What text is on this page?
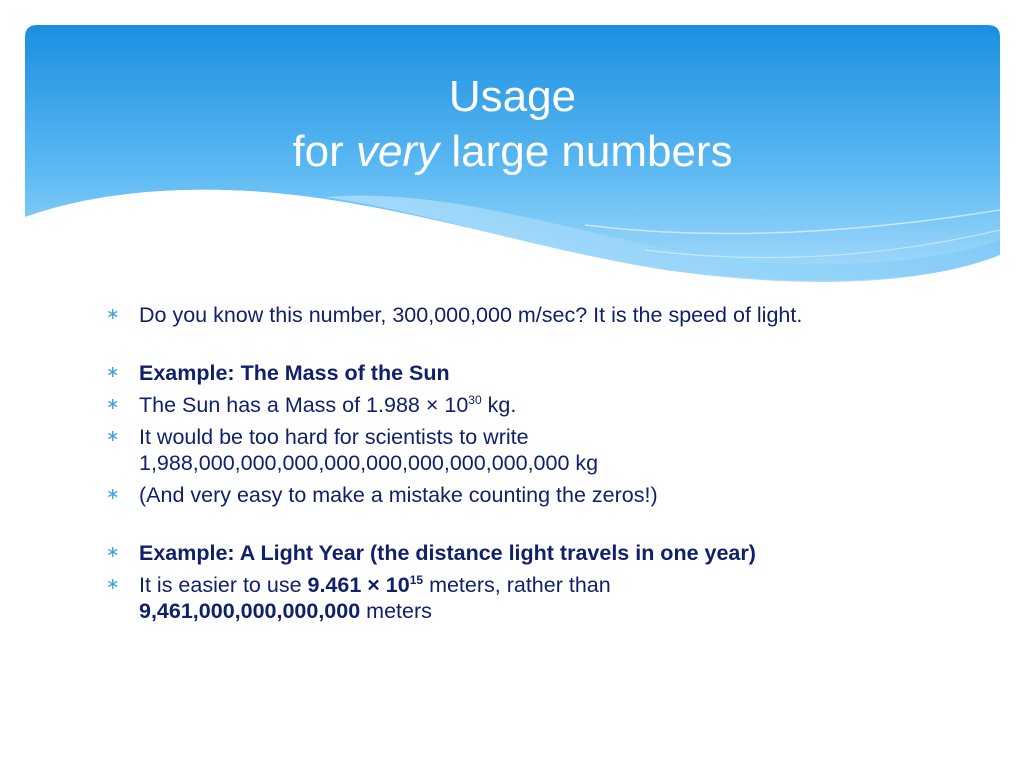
Usage
for very large numbers
∗ Do you know this number, 300,000,000 m/sec? It is the speed of light.
∗ Example: The Mass of the Sun
∗ The Sun has a Mass of $1.988 \times 10^{30}$ kg.
∗ It would be too hard for scientists to write
1,988,000,000,000,000,000,000,000,000,000 kg
∗ (And very easy to make a mistake counting the zeros!)
∗ Example: A Light Year (the distance light travels in one year)
∗ It is easier to use $9.461 \times 10^{15}$ meters, rather than
9,461,000,000,000,000 meters
